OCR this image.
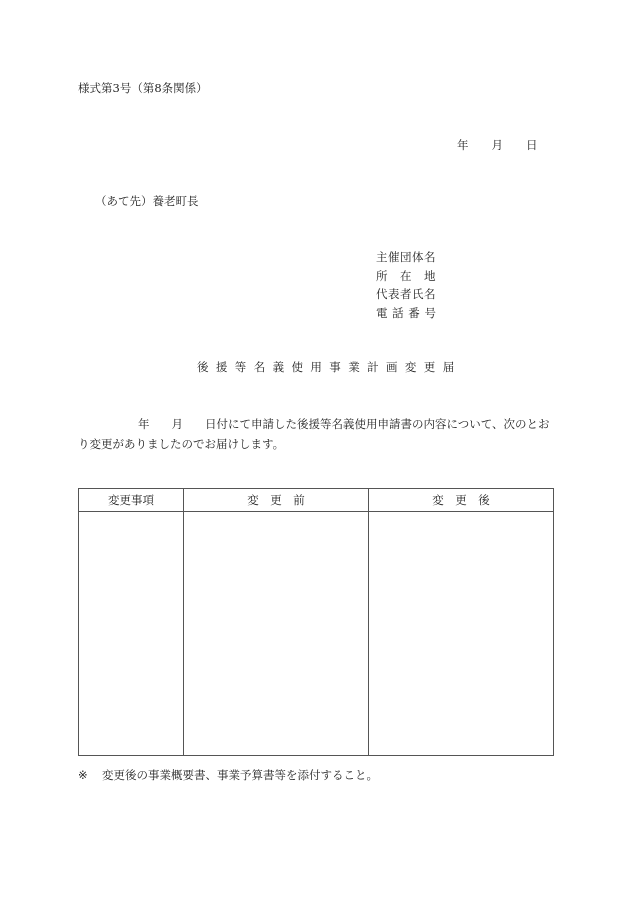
様式第3号（第8条関係）
年 月 日
（あて先）養老町長
主催団体名
所　在　地
代表者氏名
電 話 番 号
後援等名義使用事業計画変更届
年 月 日付にて申請した後援等名義使用申請書の内容について、次のとおり変更がありましたのでお届けします。
変更事項	変　更　前	変　更　後

※ 変更後の事業概要書、事業予算書等を添付すること。
